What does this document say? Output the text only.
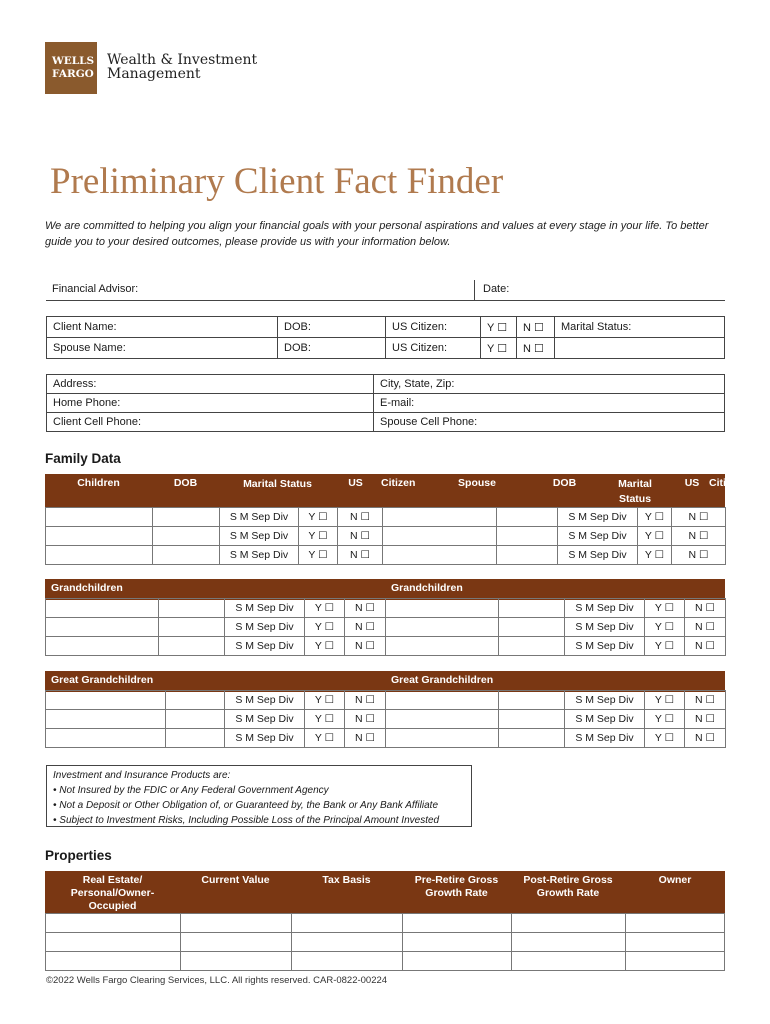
WELLS
FARGO
Wealth & Investment
Management
Preliminary Client Fact Finder
We are committed to helping you align your financial goals with your personal aspirations and values at every stage in your life. To better guide you to your desired outcomes, please provide us with your information below.
Financial Advisor:	Date:
Client Name:	DOB:	US Citizen:	Y ☐	N ☐	Marital Status:
Spouse Name:	DOB:	US Citizen:	Y ☐	N ☐	
Address:	City, State, Zip:
Home Phone:	E-mail:
Client Cell Phone:	Spouse Cell Phone:
Family Data
Children	DOB	Marital Status	US	Citizen	Spouse	DOB	Marital Status	US	Citizen
		S M Sep Div	Y ☐	N ☐			S M Sep Div	Y ☐	N ☐
		S M Sep Div	Y ☐	N ☐			S M Sep Div	Y ☐	N ☐
		S M Sep Div	Y ☐	N ☐			S M Sep Div	Y ☐	N ☐
Grandchildren	Grandchildren
		S M Sep Div	Y ☐	N ☐			S M Sep Div	Y ☐	N ☐
		S M Sep Div	Y ☐	N ☐			S M Sep Div	Y ☐	N ☐
		S M Sep Div	Y ☐	N ☐			S M Sep Div	Y ☐	N ☐
Great Grandchildren	Great Grandchildren
		S M Sep Div	Y ☐	N ☐			S M Sep Div	Y ☐	N ☐
		S M Sep Div	Y ☐	N ☐			S M Sep Div	Y ☐	N ☐
		S M Sep Div	Y ☐	N ☐			S M Sep Div	Y ☐	N ☐
Investment and Insurance Products are:
• Not Insured by the FDIC or Any Federal Government Agency
• Not a Deposit or Other Obligation of, or Guaranteed by, the Bank or Any Bank Affiliate
• Subject to Investment Risks, Including Possible Loss of the Principal Amount Invested
Properties
Real Estate/ Personal/Owner-Occupied	Current Value	Tax Basis	Pre-Retire Gross Growth Rate	Post-Retire Gross Growth Rate	Owner

©2022 Wells Fargo Clearing Services, LLC. All rights reserved. CAR-0822-00224
